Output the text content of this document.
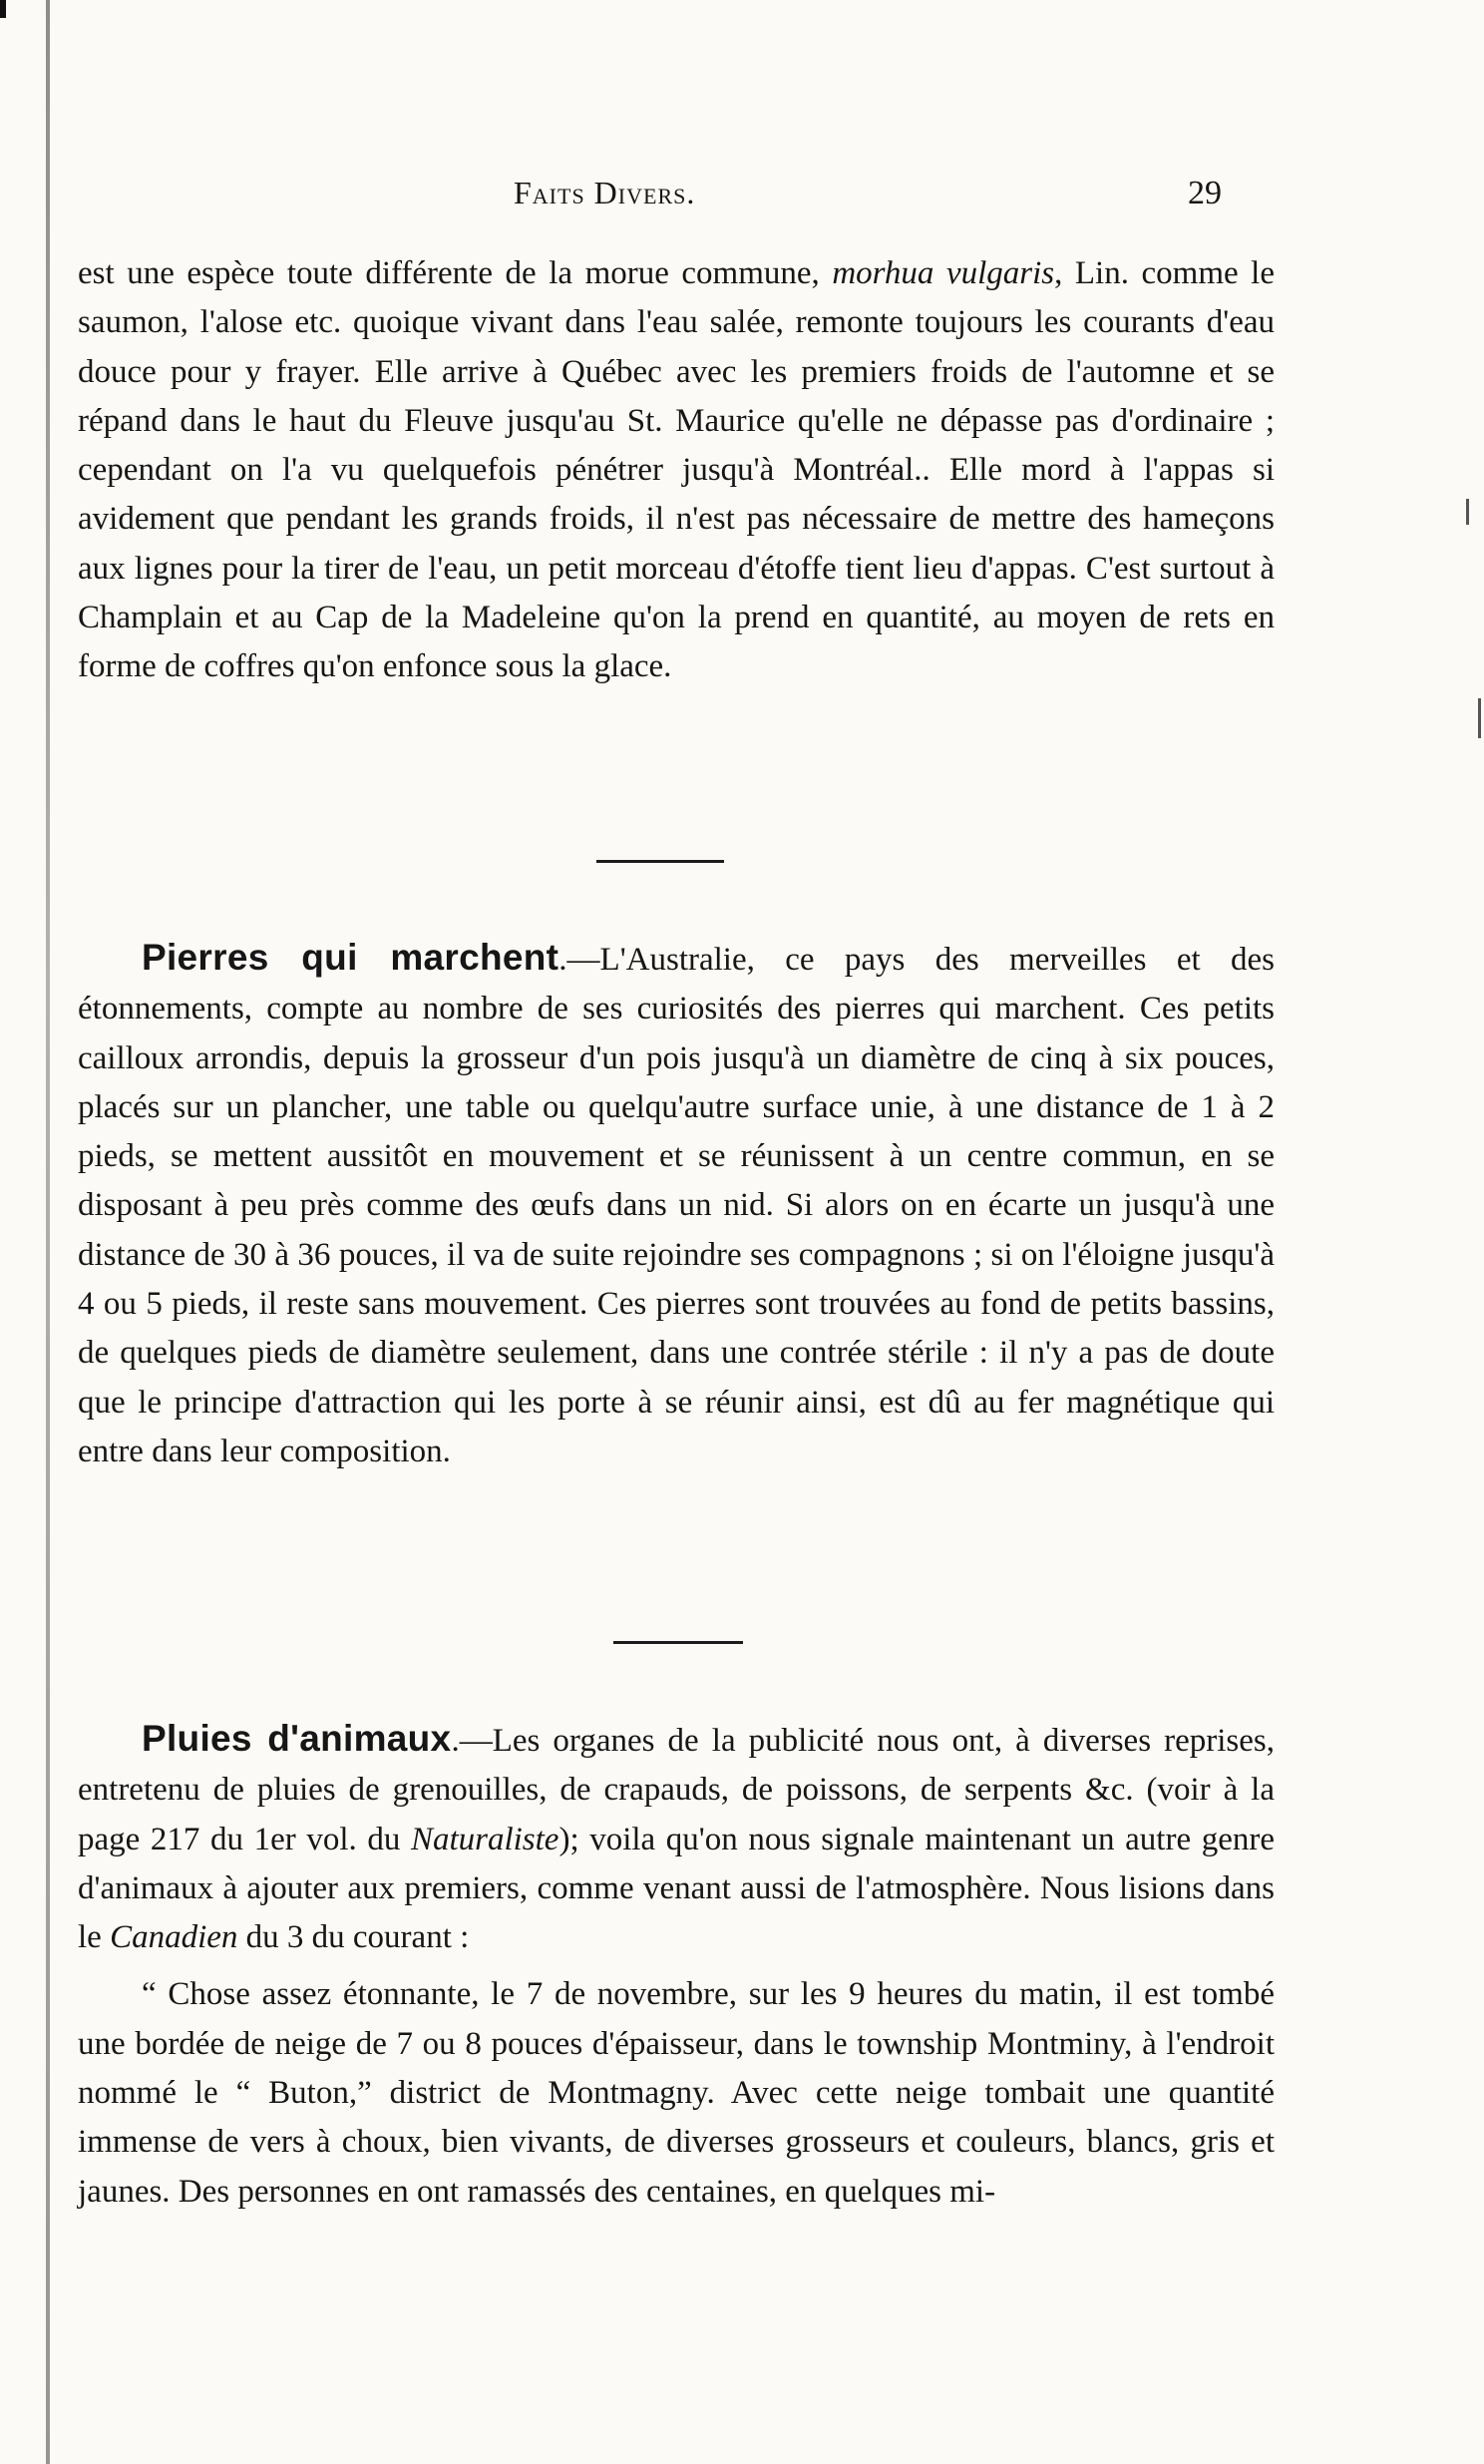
Faits Divers.	29

est une espèce toute différente de la morue commune, morhua vulgaris, Lin. comme le saumon, l'alose etc. quoique vivant dans l'eau salée, remonte toujours les courants d'eau douce pour y frayer. Elle arrive à Québec avec les premiers froids de l'automne et se répand dans le haut du Fleuve jusqu'au St. Maurice qu'elle ne dépasse pas d'ordinaire ; cependant on l'a vu quelquefois pénétrer jusqu'à Montréal.. Elle mord à l'appas si avidement que pendant les grands froids, il n'est pas nécessaire de mettre des hameçons aux lignes pour la tirer de l'eau, un petit morceau d'étoffe tient lieu d'appas. C'est surtout à Champlain et au Cap de la Madeleine qu'on la prend en quantité, au moyen de rets en forme de coffres qu'on enfonce sous la glace.

Pierres qui marchent.—L'Australie, ce pays des merveilles et des étonnements, compte au nombre de ses curiosités des pierres qui marchent. Ces petits cailloux arrondis, depuis la grosseur d'un pois jusqu'à un diamètre de cinq à six pouces, placés sur un plancher, une table ou quelqu'autre surface unie, à une distance de 1 à 2 pieds, se mettent aussitôt en mouvement et se réunissent à un centre commun, en se disposant à peu près comme des œufs dans un nid. Si alors on en écarte un jusqu'à une distance de 30 à 36 pouces, il va de suite rejoindre ses compagnons ; si on l'éloigne jusqu'à 4 ou 5 pieds, il reste sans mouvement. Ces pierres sont trouvées au fond de petits bassins, de quelques pieds de diamètre seulement, dans une contrée stérile : il n'y a pas de doute que le principe d'attraction qui les porte à se réunir ainsi, est dû au fer magnétique qui entre dans leur composition.

Pluies d'animaux.—Les organes de la publicité nous ont, à diverses reprises, entretenu de pluies de grenouilles, de crapauds, de poissons, de serpents &c. (voir à la page 217 du 1er vol. du Naturaliste); voila qu'on nous signale maintenant un autre genre d'animaux à ajouter aux premiers, comme venant aussi de l'atmosphère. Nous lisions dans le Canadien du 3 du courant :

“ Chose assez étonnante, le 7 de novembre, sur les 9 heures du matin, il est tombé une bordée de neige de 7 ou 8 pouces d'épaisseur, dans le township Montminy, à l'endroit nommé le “ Buton,” district de Montmagny. Avec cette neige tombait une quantité immense de vers à choux, bien vivants, de diverses grosseurs et couleurs, blancs, gris et jaunes. Des personnes en ont ramassés des centaines, en quelques mi-
